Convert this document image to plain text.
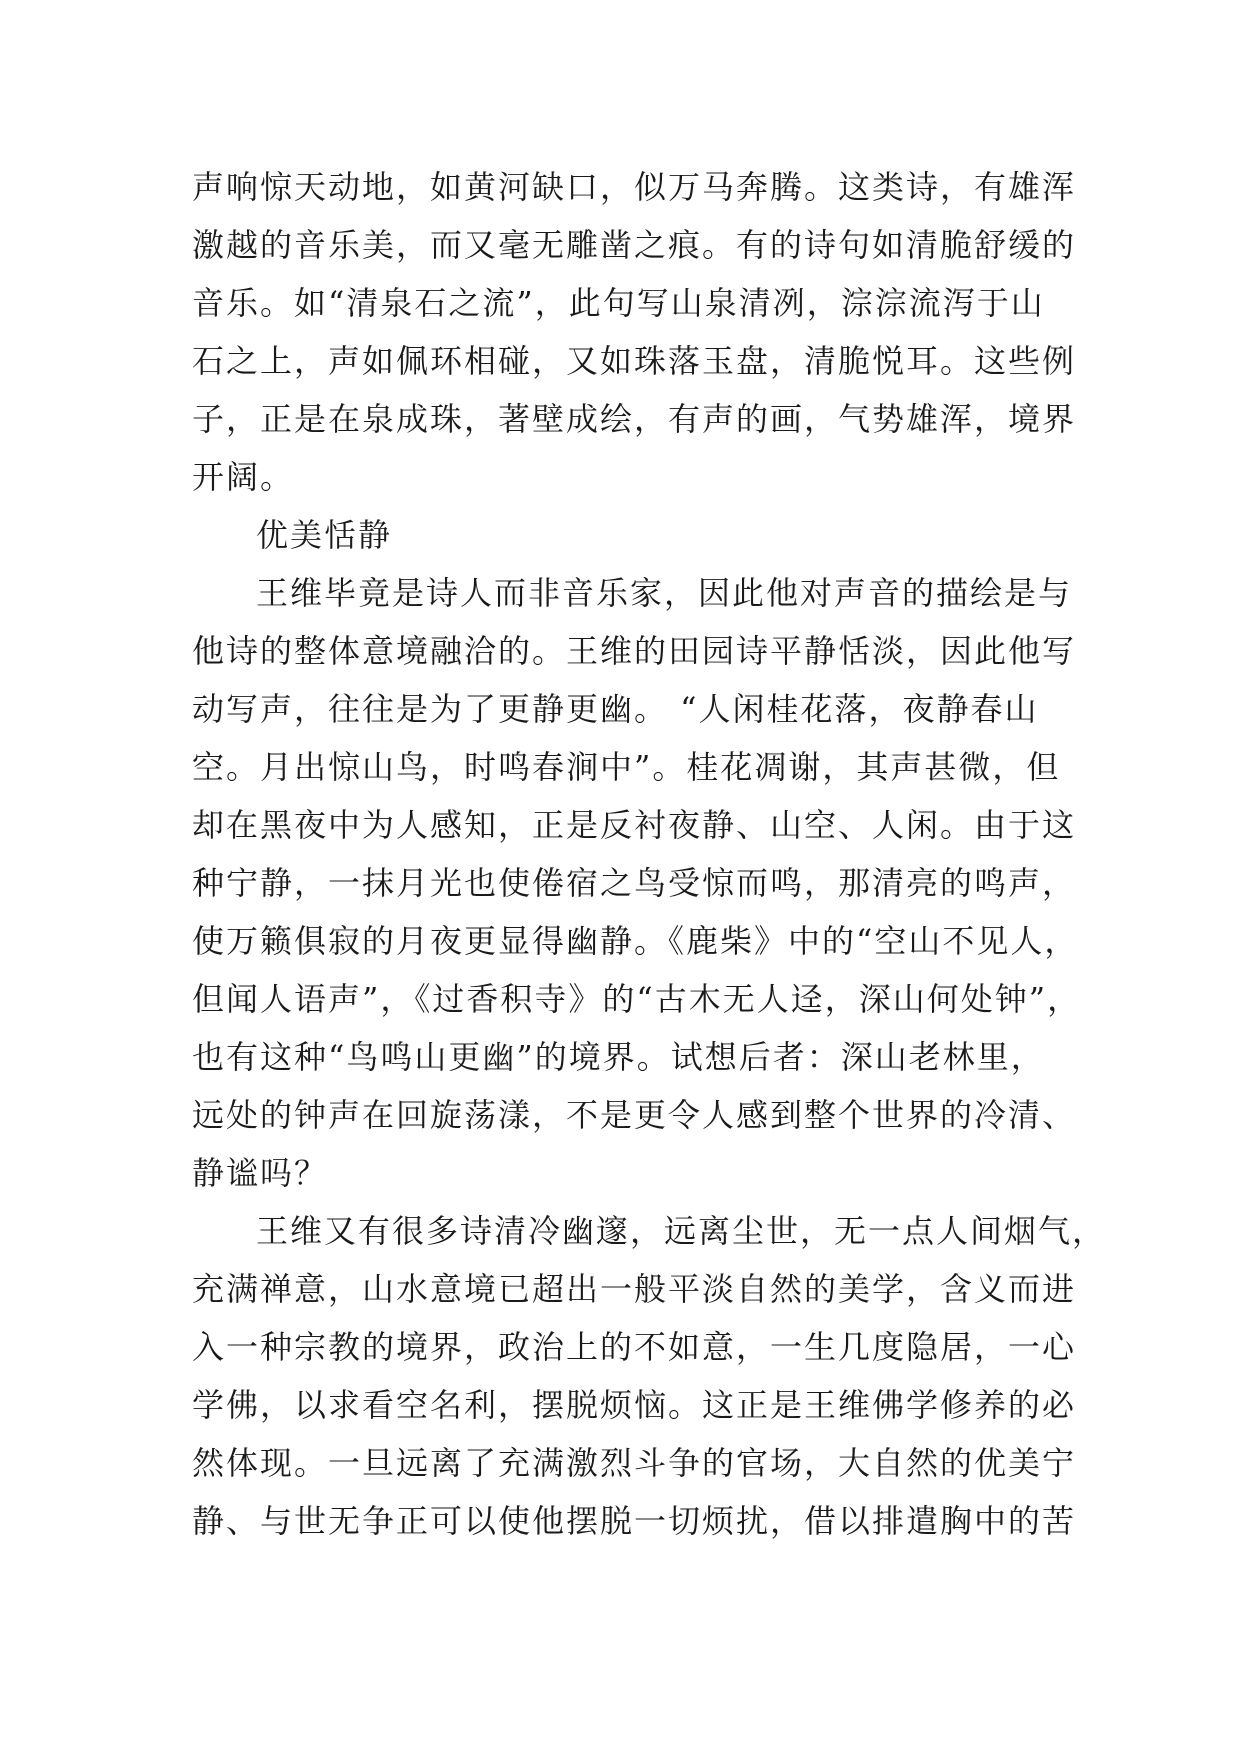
声响惊天动地，如黄河缺口，似万马奔腾。这类诗，有雄浑
激越的音乐美，而又毫无雕凿之痕。有的诗句如清脆舒缓的
音乐。如“清泉石之流”，此句写山泉清冽，淙淙流泻于山
石之上，声如佩环相碰，又如珠落玉盘，清脆悦耳。这些例
子，正是在泉成珠，著壁成绘，有声的画，气势雄浑，境界
开阔。
优美恬静
王维毕竟是诗人而非音乐家，因此他对声音的描绘是与
他诗的整体意境融洽的。王维的田园诗平静恬淡，因此他写
动写声，往往是为了更静更幽。 “人闲桂花落，夜静春山
空。月出惊山鸟，时鸣春涧中”。桂花凋谢，其声甚微，但
却在黑夜中为人感知，正是反衬夜静、山空、人闲。由于这
种宁静，一抹月光也使倦宿之鸟受惊而鸣，那清亮的鸣声，
使万籁俱寂的月夜更显得幽静。《鹿柴》中的“空山不见人，
但闻人语声”，《过香积寺》的“古木无人迳，深山何处钟”，
也有这种“鸟鸣山更幽”的境界。试想后者：深山老林里，
远处的钟声在回旋荡漾，不是更令人感到整个世界的冷清、
静谧吗？
王维又有很多诗清冷幽邃，远离尘世，无一点人间烟气，
充满禅意，山水意境已超出一般平淡自然的美学，含义而进
入一种宗教的境界，政治上的不如意，一生几度隐居，一心
学佛，以求看空名利，摆脱烦恼。这正是王维佛学修养的必
然体现。一旦远离了充满激烈斗争的官场，大自然的优美宁
静、与世无争正可以使他摆脱一切烦扰，借以排遣胸中的苦
